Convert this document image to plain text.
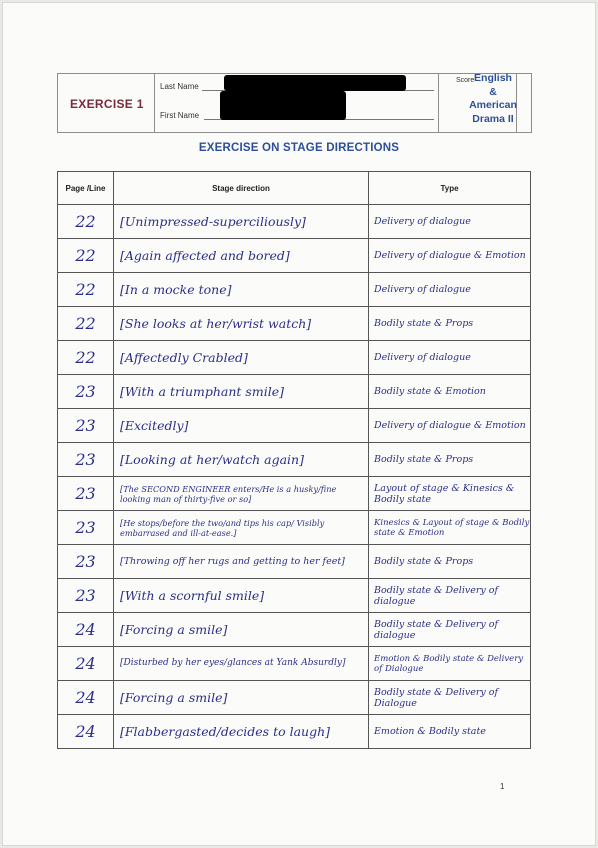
EXERCISE 1
Last Name
First Name
Score English
&
American
Drama II
EXERCISE ON STAGE DIRECTIONS
Page /Line	Stage direction	Type
22	[Unimpressed-superciliously]	Delivery of dialogue
22	[Again affected and bored]	Delivery of dialogue & Emotion
22	[In a mocke tone]	Delivery of dialogue
22	[She looks at her/wrist watch]	Bodily state & Props
22	[Affectedly Crabled]	Delivery of dialogue
23	[With a triumphant smile]	Bodily state & Emotion
23	[Excitedly]	Delivery of dialogue & Emotion
23	[Looking at her/watch again]	Bodily state & Props
23	[The SECOND ENGINEER enters/He is a husky/fine looking man of thirty-five or so]	Layout of stage & Kinesics & Bodily state
23	[He stops/before the two/and tips his cap/ Visibly embarrased and ill-at-ease.]	Kinesics & Layout of stage & Bodily state & Emotion
23	[Throwing off her rugs and getting to her feet]	Bodily state & Props
23	[With a scornful smile]	Bodily state & Delivery of dialogue
24	[Forcing a smile]	Bodily state & Delivery of dialogue
24	[Disturbed by her eyes/glances at Yank Absurdly]	Emotion & Bodily state & Delivery of Dialogue
24	[Forcing a smile]	Bodily state & Delivery of Dialogue
24	[Flabbergasted/decides to laugh]	Emotion & Bodily state
1
